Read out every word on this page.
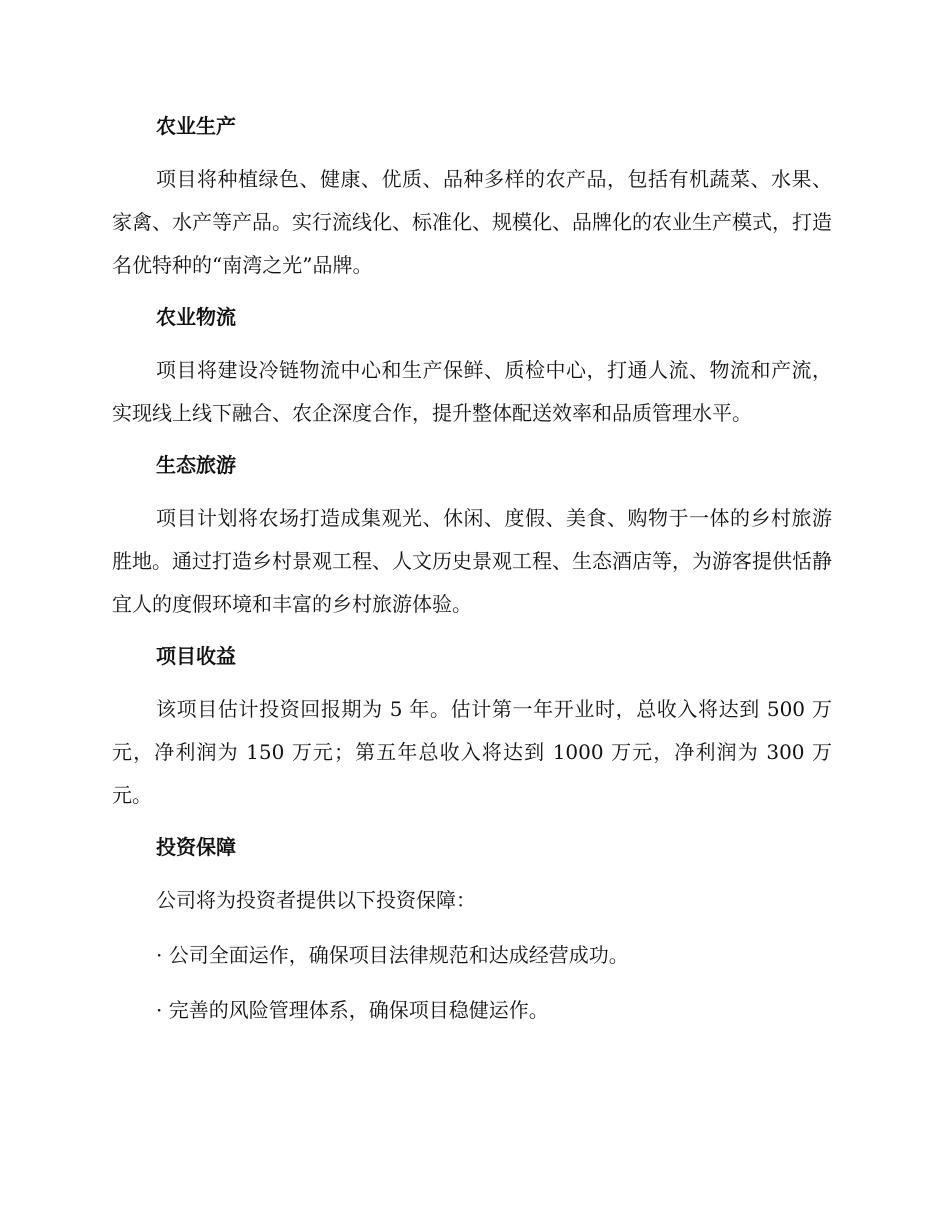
农业生产

项目将种植绿色、健康、优质、品种多样的农产品，包括有机蔬菜、水果、家禽、水产等产品。实行流线化、标准化、规模化、品牌化的农业生产模式，打造名优特种的“南湾之光”品牌。

农业物流

项目将建设冷链物流中心和生产保鲜、质检中心，打通人流、物流和产流，实现线上线下融合、农企深度合作，提升整体配送效率和品质管理水平。

生态旅游

项目计划将农场打造成集观光、休闲、度假、美食、购物于一体的乡村旅游胜地。通过打造乡村景观工程、人文历史景观工程、生态酒店等，为游客提供恬静宜人的度假环境和丰富的乡村旅游体验。

项目收益

该项目估计投资回报期为 5 年。估计第一年开业时，总收入将达到 500 万元，净利润为 150 万元；第五年总收入将达到 1000 万元，净利润为 300 万元。

投资保障

公司将为投资者提供以下投资保障：

· 公司全面运作，确保项目法律规范和达成经营成功。

· 完善的风险管理体系，确保项目稳健运作。
